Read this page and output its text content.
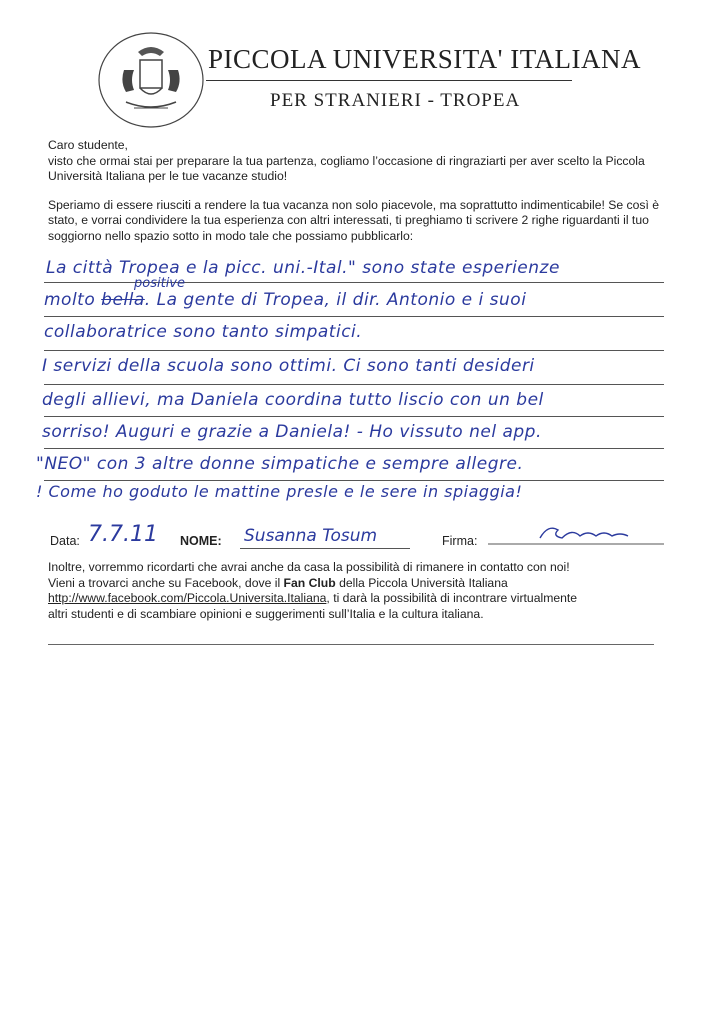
PICCOLA UNIVERSITA' ITALIANA
PER STRANIERI - TROPEA

Caro studente,
visto che ormai stai per preparare la tua partenza, cogliamo l’occasione di ringraziarti per aver scelto la Piccola Università Italiana per le tue vacanze studio!

Speriamo di essere riusciti a rendere la tua vacanza non solo piacevole, ma soprattutto indimenticabile! Se così è stato, e vorrai condividere la tua esperienza con altri interessati, ti preghiamo ti scrivere 2 righe riguardanti il tuo soggiorno nello spazio sotto in modo tale che possiamo pubblicarlo:

La città Tropea e la picc. uni.-Ital." sono state esperienze
positive
molto bella. La gente di Tropea, il dir. Antonio e i suoi
collaboratrice sono tanto simpatici.
I servizi della scuola sono ottimi. Ci sono tanti desideri
degli allievi, ma Daniela coordina tutto liscio con un bel
sorriso! Auguri e grazie a Daniela! - Ho vissuto nel app.
"NEO" con 3 altre donne simpatiche e sempre allegre.
! Come ho goduto le mattine presle e le sere in spiaggia!
Data: 7.7.11 NOME: Susanna Tosum	Firma:
Inoltre, vorremmo ricordarti che avrai anche da casa la possibilità di rimanere in contatto con noi!
Vieni a trovarci anche su Facebook, dove il Fan Club della Piccola Università Italiana
http://www.facebook.com/Piccola.Universita.Italiana, ti darà la possibilità di incontrare virtualmente
altri studenti e di scambiare opinioni e suggerimenti sull’Italia e la cultura italiana.
